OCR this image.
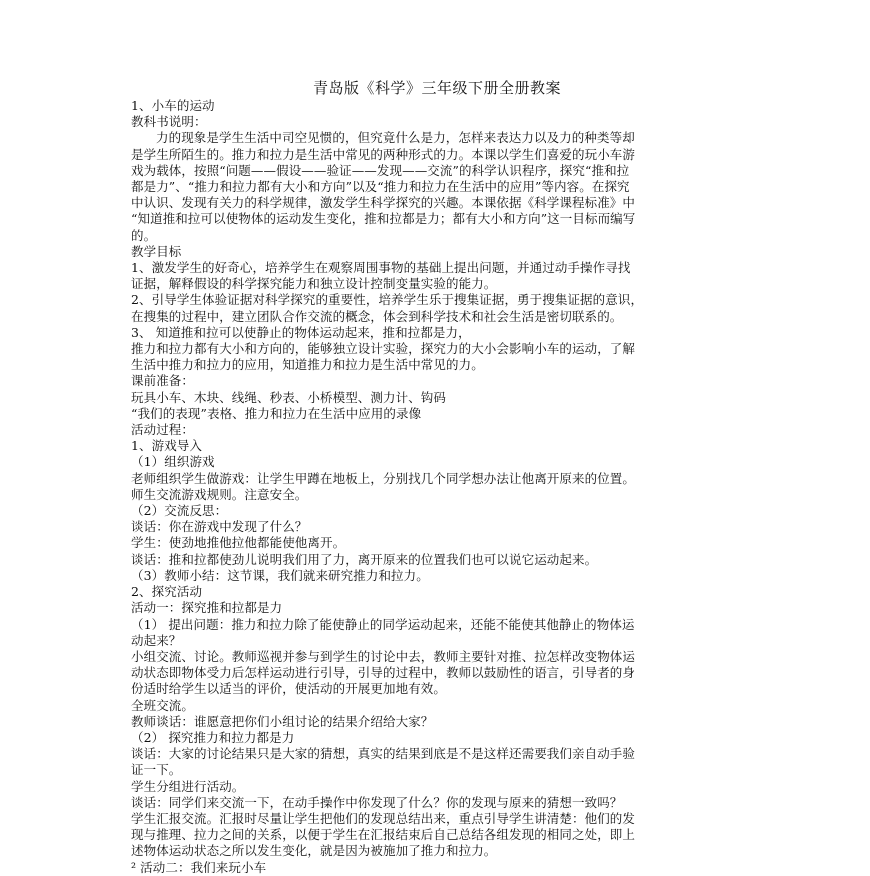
青岛版《科学》三年级下册全册教案
1、小车的运动
教科书说明：
力的现象是学生生活中司空见惯的，但究竟什么是力，怎样来表达力以及力的种类等却
是学生所陌生的。推力和拉力是生活中常见的两种形式的力。本课以学生们喜爱的玩小车游
戏为载体，按照“问题——假设——验证——发现——交流”的科学认识程序，探究“推和拉
都是力”、“推力和拉力都有大小和方向”以及“推力和拉力在生活中的应用”等内容。在探究
中认识、发现有关力的科学规律，激发学生科学探究的兴趣。本课依据《科学课程标准》中
“知道推和拉可以使物体的运动发生变化，推和拉都是力；都有大小和方向”这一目标而编写
的。
教学目标
1、激发学生的好奇心，培养学生在观察周围事物的基础上提出问题，并通过动手操作寻找
证据，解释假设的科学探究能力和独立设计控制变量实验的能力。
2、引导学生体验证据对科学探究的重要性，培养学生乐于搜集证据，勇于搜集证据的意识，
在搜集的过程中，建立团队合作交流的概念，体会到科学技术和社会生活是密切联系的。
3、 知道推和拉可以使静止的物体运动起来，推和拉都是力，
推力和拉力都有大小和方向的，能够独立设计实验，探究力的大小会影响小车的运动，了解
生活中推力和拉力的应用，知道推力和拉力是生活中常见的力。
课前准备：
玩具小车、木块、线绳、秒表、小桥模型、测力计、钩码
“我们的表现”表格、推力和拉力在生活中应用的录像
活动过程：
1、游戏导入
（1）组织游戏
老师组织学生做游戏：让学生甲蹲在地板上，分别找几个同学想办法让他离开原来的位置。
师生交流游戏规则。注意安全。
（2）交流反思：
谈话：你在游戏中发现了什么？
学生：使劲地推他拉他都能使他离开。
谈话：推和拉都使劲儿说明我们用了力，离开原来的位置我们也可以说它运动起来。
（3）教师小结：这节课，我们就来研究推力和拉力。
2、探究活动
活动一：探究推和拉都是力
（1） 提出问题：推力和拉力除了能使静止的同学运动起来，还能不能使其他静止的物体运
动起来？
小组交流、讨论。教师巡视并参与到学生的讨论中去，教师主要针对推、拉怎样改变物体运
动状态即物体受力后怎样运动进行引导，引导的过程中，教师以鼓励性的语言，引导者的身
份适时给学生以适当的评价，使活动的开展更加地有效。
全班交流。
教师谈话：谁愿意把你们小组讨论的结果介绍给大家？
（2） 探究推力和拉力都是力
谈话：大家的讨论结果只是大家的猜想，真实的结果到底是不是这样还需要我们亲自动手验
证一下。
学生分组进行活动。
谈话：同学们来交流一下，在动手操作中你发现了什么？你的发现与原来的猜想一致吗？
学生汇报交流。汇报时尽量让学生把他们的发现总结出来，重点引导学生讲清楚：他们的发
现与推理、拉力之间的关系，以便于学生在汇报结束后自己总结各组发现的相同之处，即上
述物体运动状态之所以发生变化，就是因为被施加了推力和拉力。
² 活动二：我们来玩小车
